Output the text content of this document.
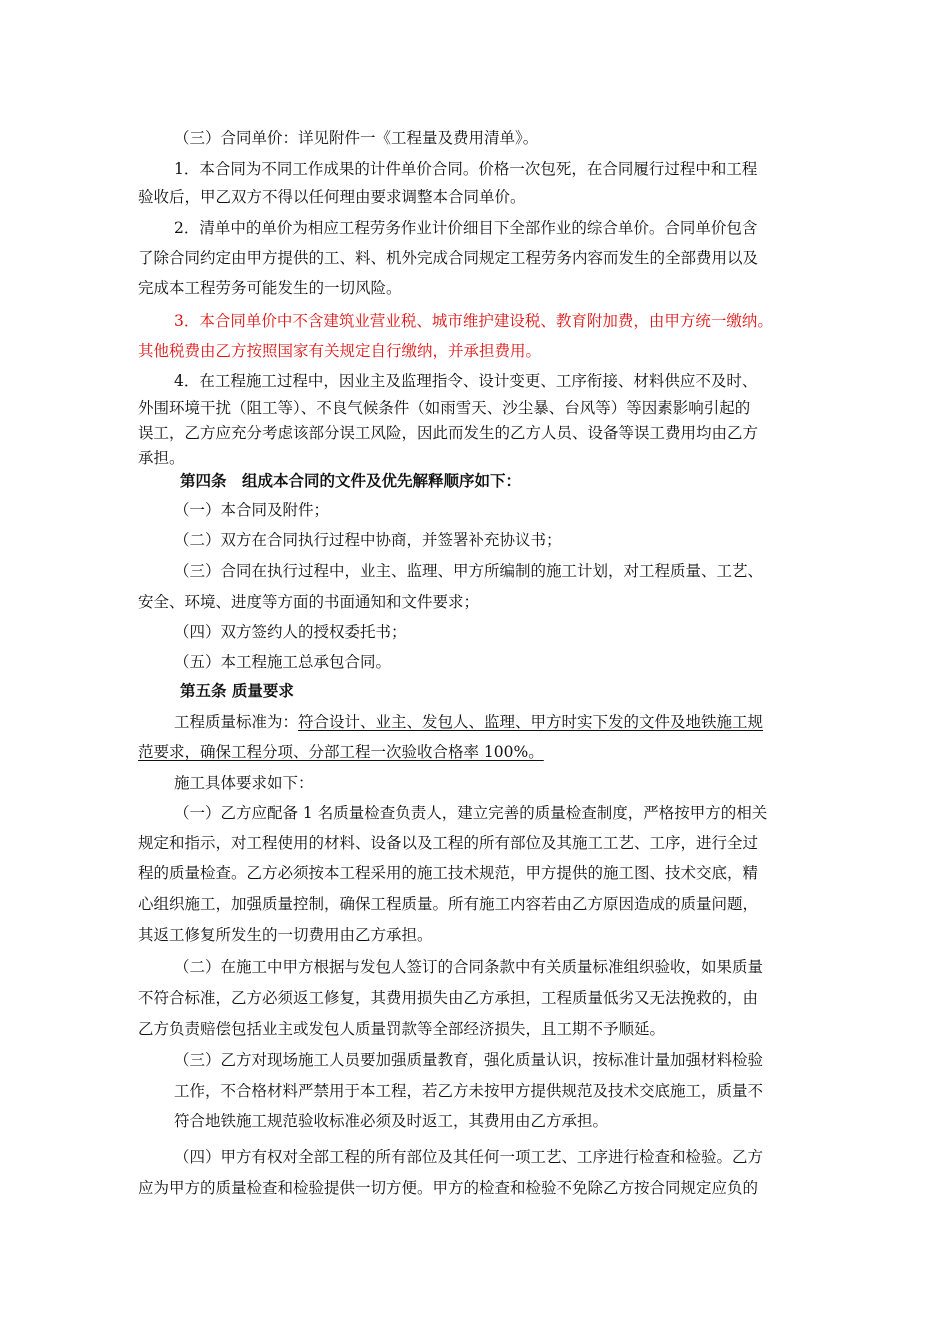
（三）合同单价：详见附件一《工程量及费用清单》。
1．本合同为不同工作成果的计件单价合同。价格一次包死，在合同履行过程中和工程
验收后，甲乙双方不得以任何理由要求调整本合同单价。
2．清单中的单价为相应工程劳务作业计价细目下全部作业的综合单价。合同单价包含
了除合同约定由甲方提供的工、料、机外完成合同规定工程劳务内容而发生的全部费用以及
完成本工程劳务可能发生的一切风险。
3．本合同单价中不含建筑业营业税、城市维护建设税、教育附加费，由甲方统一缴纳。
其他税费由乙方按照国家有关规定自行缴纳，并承担费用。
4．在工程施工过程中，因业主及监理指令、设计变更、工序衔接、材料供应不及时、
外围环境干扰（阻工等）、不良气候条件（如雨雪天、沙尘暴、台风等）等因素影响引起的
误工，乙方应充分考虑该部分误工风险，因此而发生的乙方人员、设备等误工费用均由乙方
承担。
第四条　组成本合同的文件及优先解释顺序如下：
（一）本合同及附件；
（二）双方在合同执行过程中协商，并签署补充协议书；
（三）合同在执行过程中，业主、监理、甲方所编制的施工计划，对工程质量、工艺、
安全、环境、进度等方面的书面通知和文件要求；
（四）双方签约人的授权委托书；
（五）本工程施工总承包合同。
第五条 质量要求
工程质量标准为：符合设计、业主、发包人、监理、甲方时实下发的文件及地铁施工规
范要求，确保工程分项、分部工程一次验收合格率 100%。
施工具体要求如下：
（一）乙方应配备 1 名质量检查负责人，建立完善的质量检查制度，严格按甲方的相关
规定和指示，对工程使用的材料、设备以及工程的所有部位及其施工工艺、工序，进行全过
程的质量检查。乙方必须按本工程采用的施工技术规范，甲方提供的施工图、技术交底，精
心组织施工，加强质量控制，确保工程质量。所有施工内容若由乙方原因造成的质量问题，
其返工修复所发生的一切费用由乙方承担。
（二）在施工中甲方根据与发包人签订的合同条款中有关质量标准组织验收，如果质量
不符合标准，乙方必须返工修复，其费用损失由乙方承担，工程质量低劣又无法挽救的，由
乙方负责赔偿包括业主或发包人质量罚款等全部经济损失，且工期不予顺延。
（三）乙方对现场施工人员要加强质量教育，强化质量认识，按标准计量加强材料检验
工作，不合格材料严禁用于本工程，若乙方未按甲方提供规范及技术交底施工，质量不
符合地铁施工规范验收标准必须及时返工，其费用由乙方承担。
（四）甲方有权对全部工程的所有部位及其任何一项工艺、工序进行检查和检验。乙方
应为甲方的质量检查和检验提供一切方便。甲方的检查和检验不免除乙方按合同规定应负的
